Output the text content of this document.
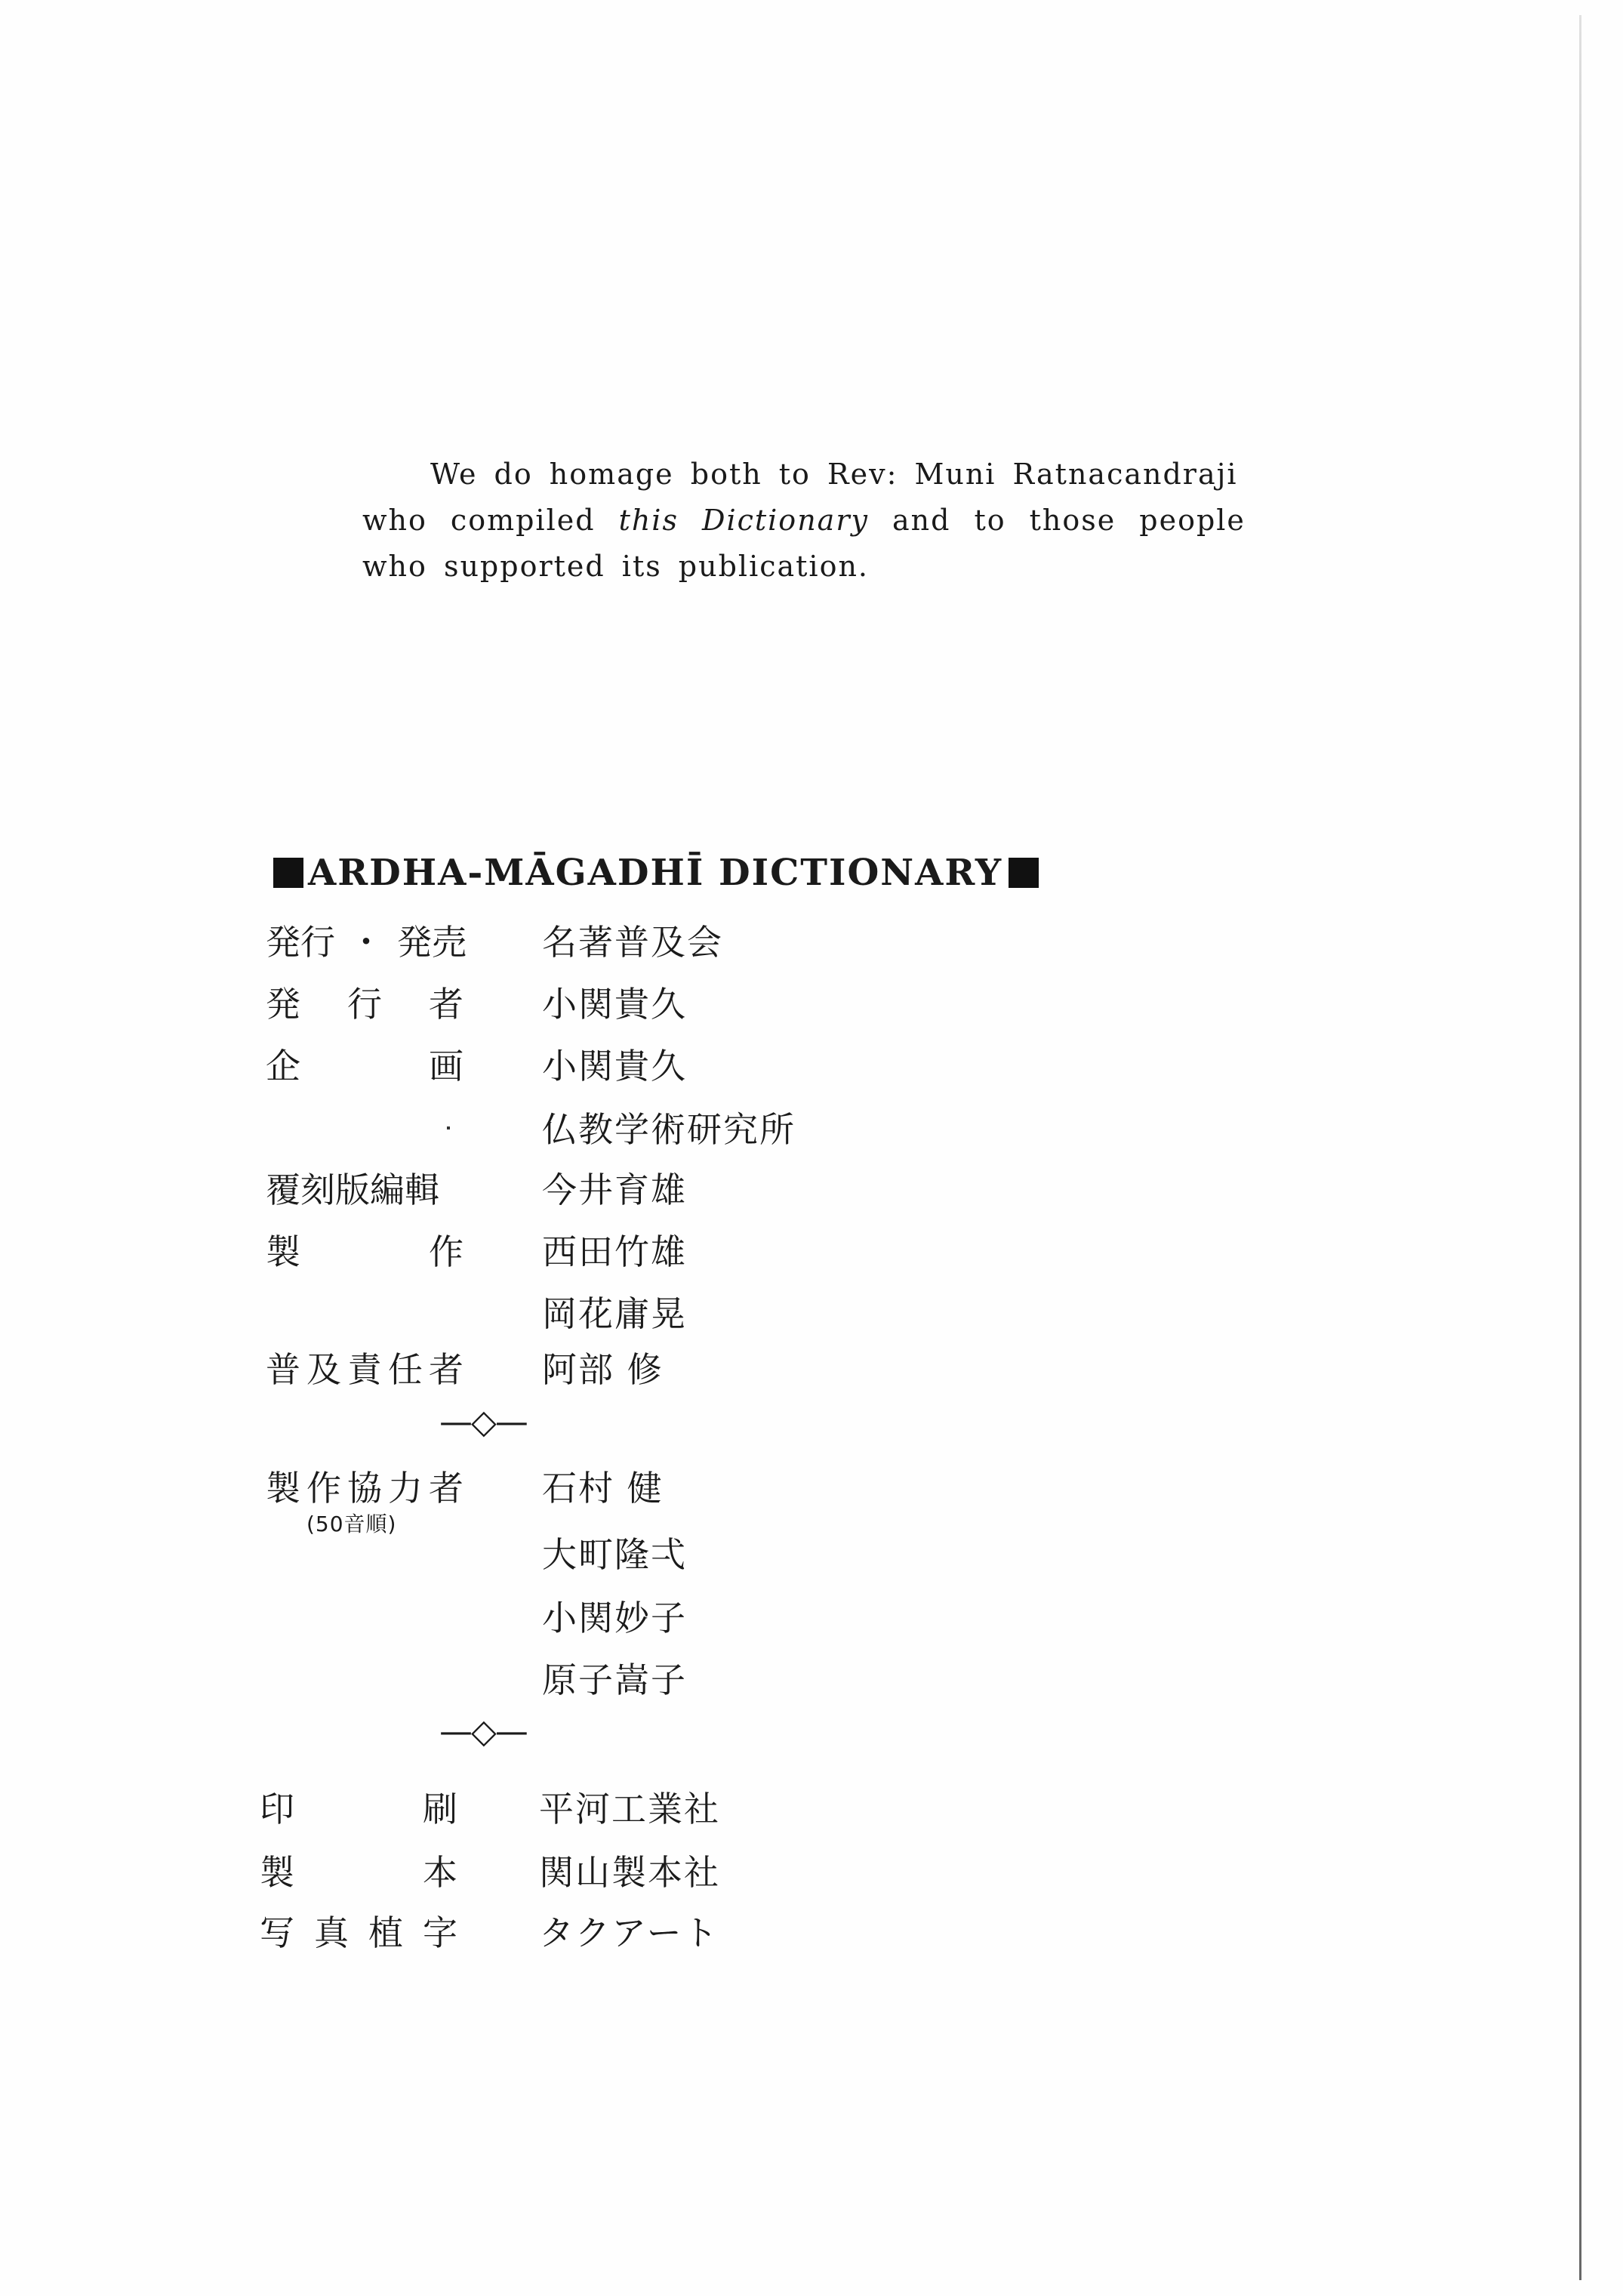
We do homage both to Rev: Muni Ratnacandraji
who compiled this Dictionary and to those people
who supported its publication.
ARDHA-MĀGADHĪ DICTIONARY
発行 ・ 発売 名著普及会
発 行 者 小関貴久
企	画 小関貴久
仏教学術研究所
覆刻版編輯	今井育雄
製	作 西田竹雄
岡花庸晃
普 及 責 任 者 阿部 修
—◇—
製 作 協 力 者 石村 健
(50音順)
大町隆弌
小関妙子
原子嵩子
—◇—
印	刷 平河工業社
製	本 関山製本社
写 真 植 字 タクアート
